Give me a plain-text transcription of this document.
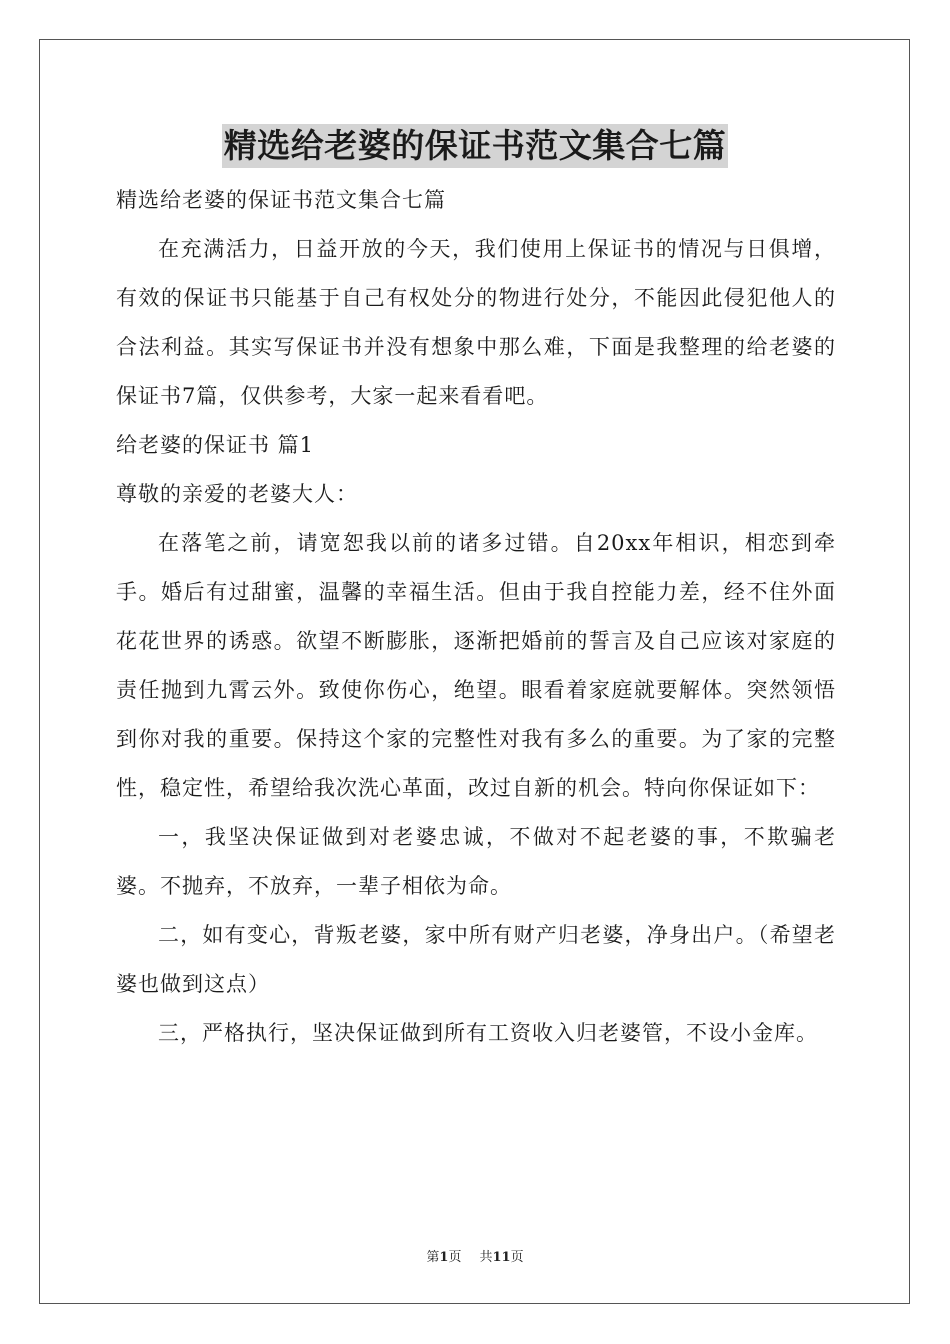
精选给老婆的保证书范文集合七篇

精选给老婆的保证书范文集合七篇

在充满活力，日益开放的今天，我们使用上保证书的情况与日俱增，有效的保证书只能基于自己有权处分的物进行处分，不能因此侵犯他人的合法利益。其实写保证书并没有想象中那么难，下面是我整理的给老婆的保证书7篇，仅供参考，大家一起来看看吧。

给老婆的保证书 篇1

尊敬的亲爱的老婆大人：

在落笔之前，请宽恕我以前的诸多过错。自20xx年相识，相恋到牵手。婚后有过甜蜜，温馨的幸福生活。但由于我自控能力差，经不住外面花花世界的诱惑。欲望不断膨胀，逐渐把婚前的誓言及自己应该对家庭的责任抛到九霄云外。致使你伤心，绝望。眼看着家庭就要解体。突然领悟到你对我的重要。保持这个家的完整性对我有多么的重要。为了家的完整性，稳定性，希望给我次洗心革面，改过自新的机会。特向你保证如下：

一，我坚决保证做到对老婆忠诚，不做对不起老婆的事，不欺骗老婆。不抛弃，不放弃，一辈子相依为命。

二，如有变心，背叛老婆，家中所有财产归老婆，净身出户。（希望老婆也做到这点）

三，严格执行，坚决保证做到所有工资收入归老婆管，不设小金库。

第1页 共11页
